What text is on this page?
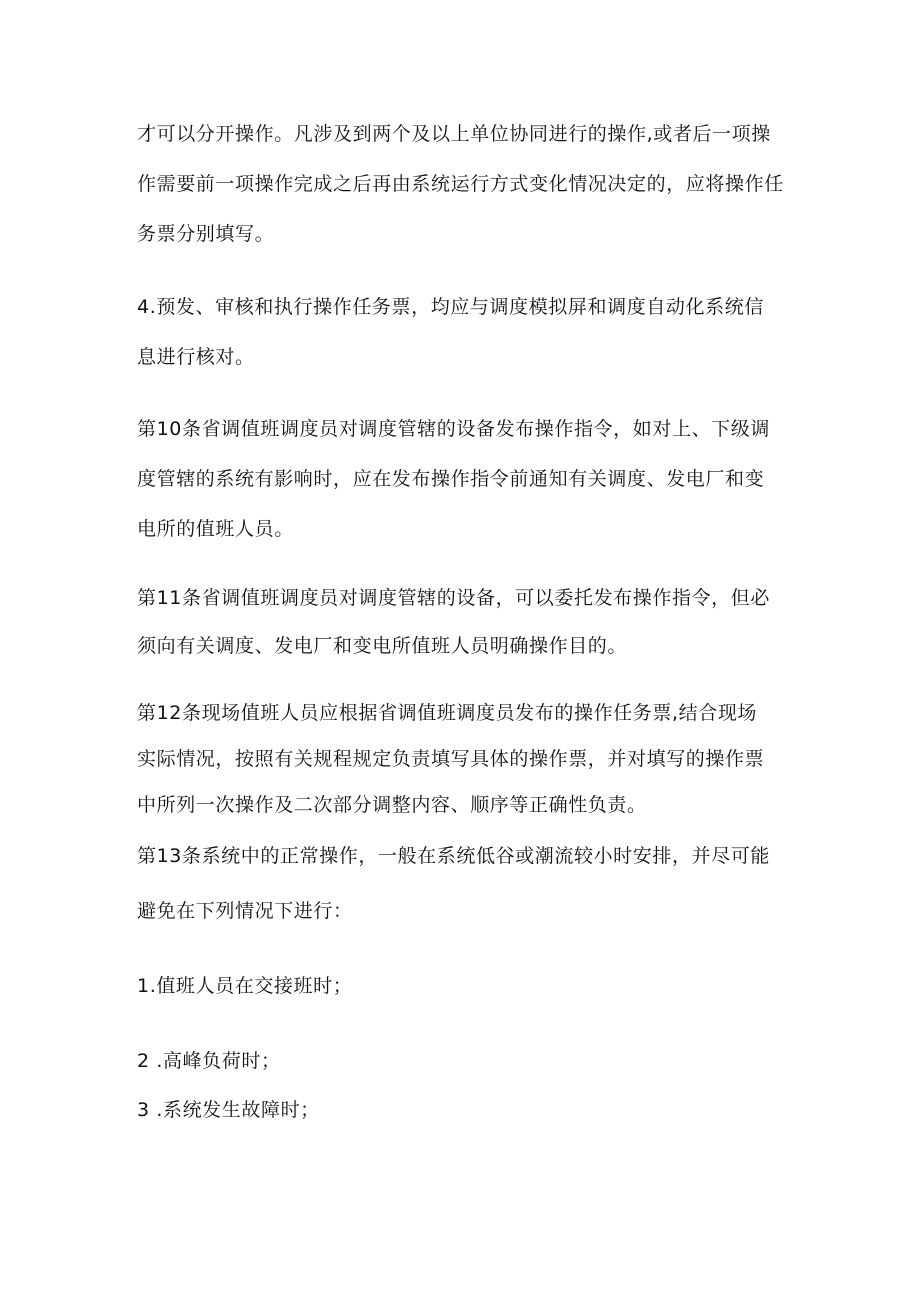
才可以分开操作。凡涉及到两个及以上单位协同进行的操作,或者后一项操
作需要前一项操作完成之后再由系统运行方式变化情况决定的，应将操作任
务票分别填写。
4.预发、审核和执行操作任务票，均应与调度模拟屏和调度自动化系统信
息进行核对。
第10条省调值班调度员对调度管辖的设备发布操作指令，如对上、下级调
度管辖的系统有影响时，应在发布操作指令前通知有关调度、发电厂和变
电所的值班人员。
第11条省调值班调度员对调度管辖的设备，可以委托发布操作指令，但必
须向有关调度、发电厂和变电所值班人员明确操作目的。
第12条现场值班人员应根据省调值班调度员发布的操作任务票,结合现场
实际情况，按照有关规程规定负责填写具体的操作票，并对填写的操作票
中所列一次操作及二次部分调整内容、顺序等正确性负责。
第13条系统中的正常操作，一般在系统低谷或潮流较小时安排，并尽可能
避免在下列情况下进行：
1.值班人员在交接班时；
2 .高峰负荷时；
3 .系统发生故障时；
